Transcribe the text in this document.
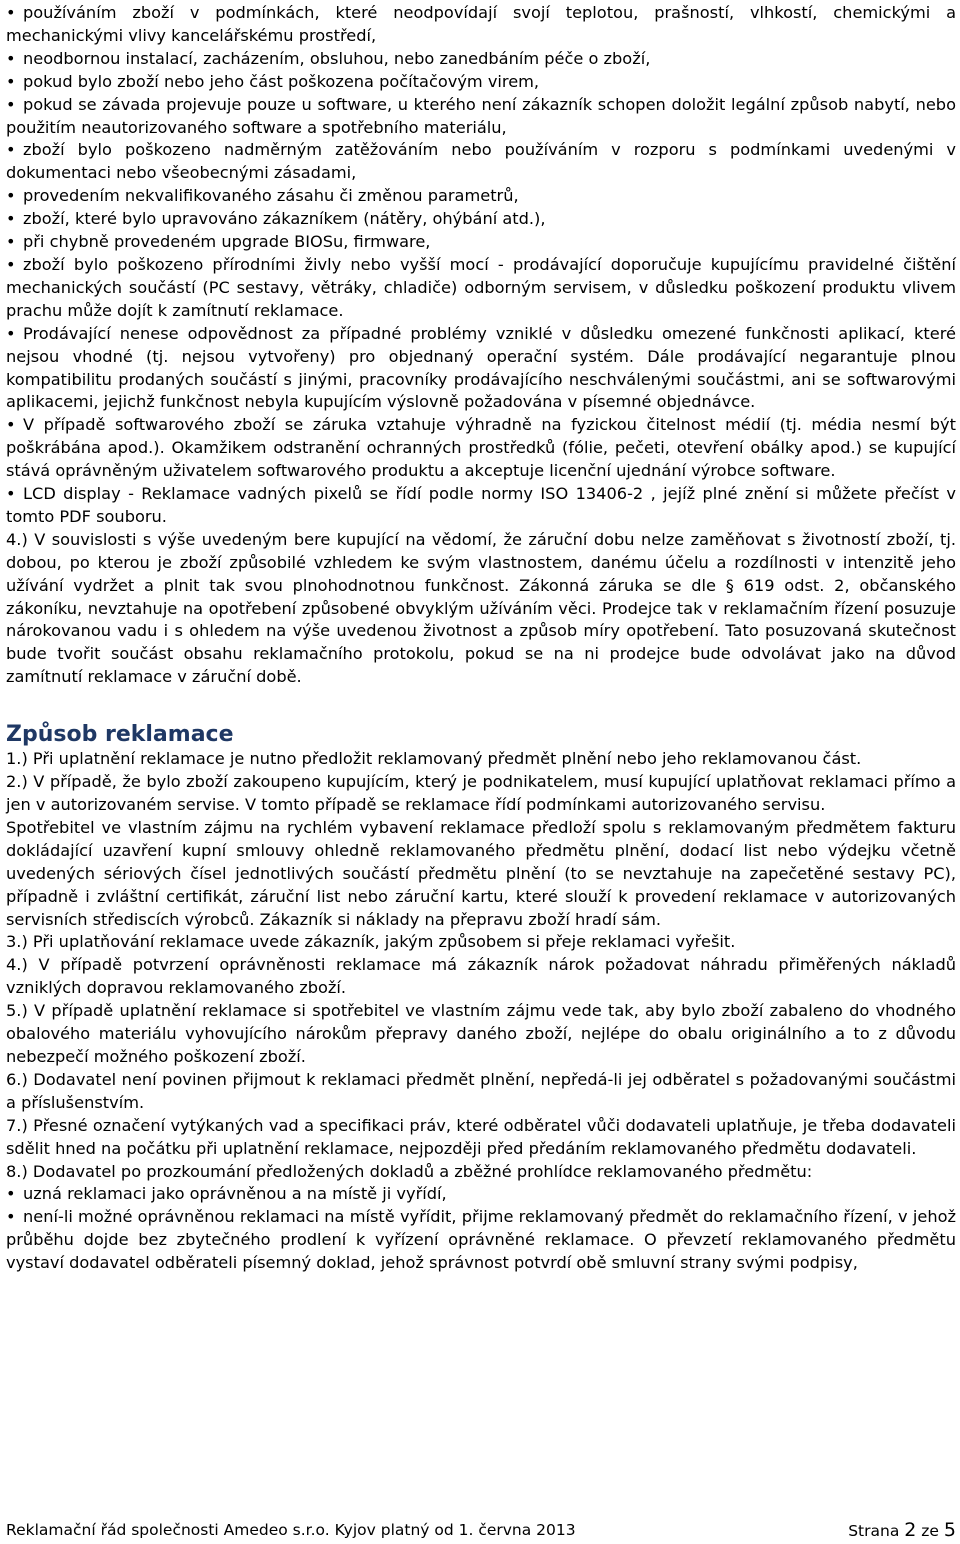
• používáním zboží v podmínkách, které neodpovídají svojí teplotou, prašností, vlhkostí, chemickými a mechanickými vlivy kancelářskému prostředí,

• neodbornou instalací, zacházením, obsluhou, nebo zanedbáním péče o zboží,

• pokud bylo zboží nebo jeho část poškozena počítačovým virem,

• pokud se závada projevuje pouze u software, u kterého není zákazník schopen doložit legální způsob nabytí, nebo použitím neautorizovaného software a spotřebního materiálu,

• zboží bylo poškozeno nadměrným zatěžováním nebo používáním v rozporu s podmínkami uvedenými v dokumentaci nebo všeobecnými zásadami,

• provedením nekvalifikovaného zásahu či změnou parametrů,

• zboží, které bylo upravováno zákazníkem (nátěry, ohýbání atd.),

• při chybně provedeném upgrade BIOSu, firmware,

• zboží bylo poškozeno přírodními živly nebo vyšší mocí - prodávající doporučuje kupujícímu pravidelné čištění mechanických součástí (PC sestavy, větráky, chladiče) odborným servisem, v důsledku poškození produktu vlivem prachu může dojít k zamítnutí reklamace.

• Prodávající nenese odpovědnost za případné problémy vzniklé v důsledku omezené funkčnosti aplikací, které nejsou vhodné (tj. nejsou vytvořeny) pro objednaný operační systém. Dále prodávající negarantuje plnou kompatibilitu prodaných součástí s jinými, pracovníky prodávajícího neschválenými součástmi, ani se softwarovými aplikacemi, jejichž funkčnost nebyla kupujícím výslovně požadována v písemné objednávce.

• V případě softwarového zboží se záruka vztahuje výhradně na fyzickou čitelnost médií (tj. média nesmí být poškrábána apod.). Okamžikem odstranění ochranných prostředků (fólie, pečeti, otevření obálky apod.) se kupující stává oprávněným uživatelem softwarového produktu a akceptuje licenční ujednání výrobce software.

• LCD display - Reklamace vadných pixelů se řídí podle normy ISO 13406-2 , jejíž plné znění si můžete přečíst v tomto PDF souboru.

4.) V souvislosti s výše uvedeným bere kupující na vědomí, že záruční dobu nelze zaměňovat s životností zboží, tj. dobou, po kterou je zboží způsobilé vzhledem ke svým vlastnostem, danému účelu a rozdílnosti v intenzitě jeho užívání vydržet a plnit tak svou plnohodnotnou funkčnost. Zákonná záruka se dle § 619 odst. 2, občanského zákoníku, nevztahuje na opotřebení způsobené obvyklým užíváním věci. Prodejce tak v reklamačním řízení posuzuje nárokovanou vadu i s ohledem na výše uvedenou životnost a způsob míry opotřebení. Tato posuzovaná skutečnost bude tvořit součást obsahu reklamačního protokolu, pokud se na ni prodejce bude odvolávat jako na důvod zamítnutí reklamace v záruční době.

Způsob reklamace

1.) Při uplatnění reklamace je nutno předložit reklamovaný předmět plnění nebo jeho reklamovanou část.

2.) V případě, že bylo zboží zakoupeno kupujícím, který je podnikatelem, musí kupující uplatňovat reklamaci přímo a jen v autorizovaném servise. V tomto případě se reklamace řídí podmínkami autorizovaného servisu.

Spotřebitel ve vlastním zájmu na rychlém vybavení reklamace předloží spolu s reklamovaným předmětem fakturu dokládající uzavření kupní smlouvy ohledně reklamovaného předmětu plnění, dodací list nebo výdejku včetně uvedených sériových čísel jednotlivých součástí předmětu plnění (to se nevztahuje na zapečetěné sestavy PC), případně i zvláštní certifikát, záruční list nebo záruční kartu, které slouží k provedení reklamace v autorizovaných servisních střediscích výrobců. Zákazník si náklady na přepravu zboží hradí sám.

3.) Při uplatňování reklamace uvede zákazník, jakým způsobem si přeje reklamaci vyřešit.

4.) V případě potvrzení oprávněnosti reklamace má zákazník nárok požadovat náhradu přiměřených nákladů vzniklých dopravou reklamovaného zboží.

5.) V případě uplatnění reklamace si spotřebitel ve vlastním zájmu vede tak, aby bylo zboží zabaleno do vhodného obalového materiálu vyhovujícího nárokům přepravy daného zboží, nejlépe do obalu originálního a to z důvodu nebezpečí možného poškození zboží.

6.) Dodavatel není povinen přijmout k reklamaci předmět plnění, nepředá-li jej odběratel s požadovanými součástmi a příslušenstvím.

7.) Přesné označení vytýkaných vad a specifikaci práv, které odběratel vůči dodavateli uplatňuje, je třeba dodavateli sdělit hned na počátku při uplatnění reklamace, nejpozději před předáním reklamovaného předmětu dodavateli.

8.) Dodavatel po prozkoumání předložených dokladů a zběžné prohlídce reklamovaného předmětu:

• uzná reklamaci jako oprávněnou a na místě ji vyřídí,

• není-li možné oprávněnou reklamaci na místě vyřídit, přijme reklamovaný předmět do reklamačního řízení, v jehož průběhu dojde bez zbytečného prodlení k vyřízení oprávněné reklamace. O převzetí reklamovaného předmětu vystaví dodavatel odběrateli písemný doklad, jehož správnost potvrdí obě smluvní strany svými podpisy,

Reklamační řád společnosti Amedeo s.r.o. Kyjov platný od 1. června 2013	Strana 2 ze 5
